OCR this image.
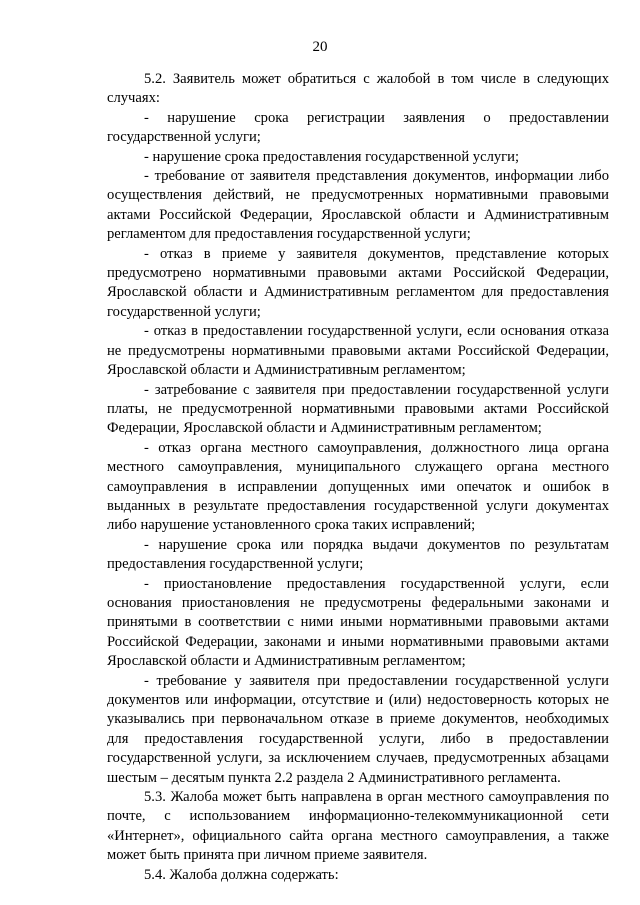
20

5.2. Заявитель может обратиться с жалобой в том числе в следующих случаях:

- нарушение срока регистрации заявления о предоставлении государственной услуги;

- нарушение срока предоставления государственной услуги;

- требование от заявителя представления документов, информации либо осуществления действий, не предусмотренных нормативными правовыми актами Российской Федерации, Ярославской области и Административным регламентом для предоставления государственной услуги;

- отказ в приеме у заявителя документов, представление которых предусмотрено нормативными правовыми актами Российской Федерации, Ярославской области и Административным регламентом для предоставления государственной услуги;

- отказ в предоставлении государственной услуги, если основания отказа не предусмотрены нормативными правовыми актами Российской Федерации, Ярославской области и Административным регламентом;

- затребование с заявителя при предоставлении государственной услуги платы, не предусмотренной нормативными правовыми актами Российской Федерации, Ярославской области и Административным регламентом;

- отказ органа местного самоуправления, должностного лица органа местного самоуправления, муниципального служащего органа местного самоуправления в исправлении допущенных ими опечаток и ошибок в выданных в результате предоставления государственной услуги документах либо нарушение установленного срока таких исправлений;

- нарушение срока или порядка выдачи документов по результатам предоставления государственной услуги;

- приостановление предоставления государственной услуги, если основания приостановления не предусмотрены федеральными законами и принятыми в соответствии с ними иными нормативными правовыми актами Российской Федерации, законами и иными нормативными правовыми актами Ярославской области и Административным регламентом;

- требование у заявителя при предоставлении государственной услуги документов или информации, отсутствие и (или) недостоверность которых не указывались при первоначальном отказе в приеме документов, необходимых для предоставления государственной услуги, либо в предоставлении государственной услуги, за исключением случаев, предусмотренных абзацами шестым – десятым пункта 2.2 раздела 2 Административного регламента.

5.3. Жалоба может быть направлена в орган местного самоуправления по почте, с использованием информационно-телекоммуникационной сети «Интернет», официального сайта органа местного самоуправления, а также может быть принята при личном приеме заявителя.

5.4. Жалоба должна содержать:
